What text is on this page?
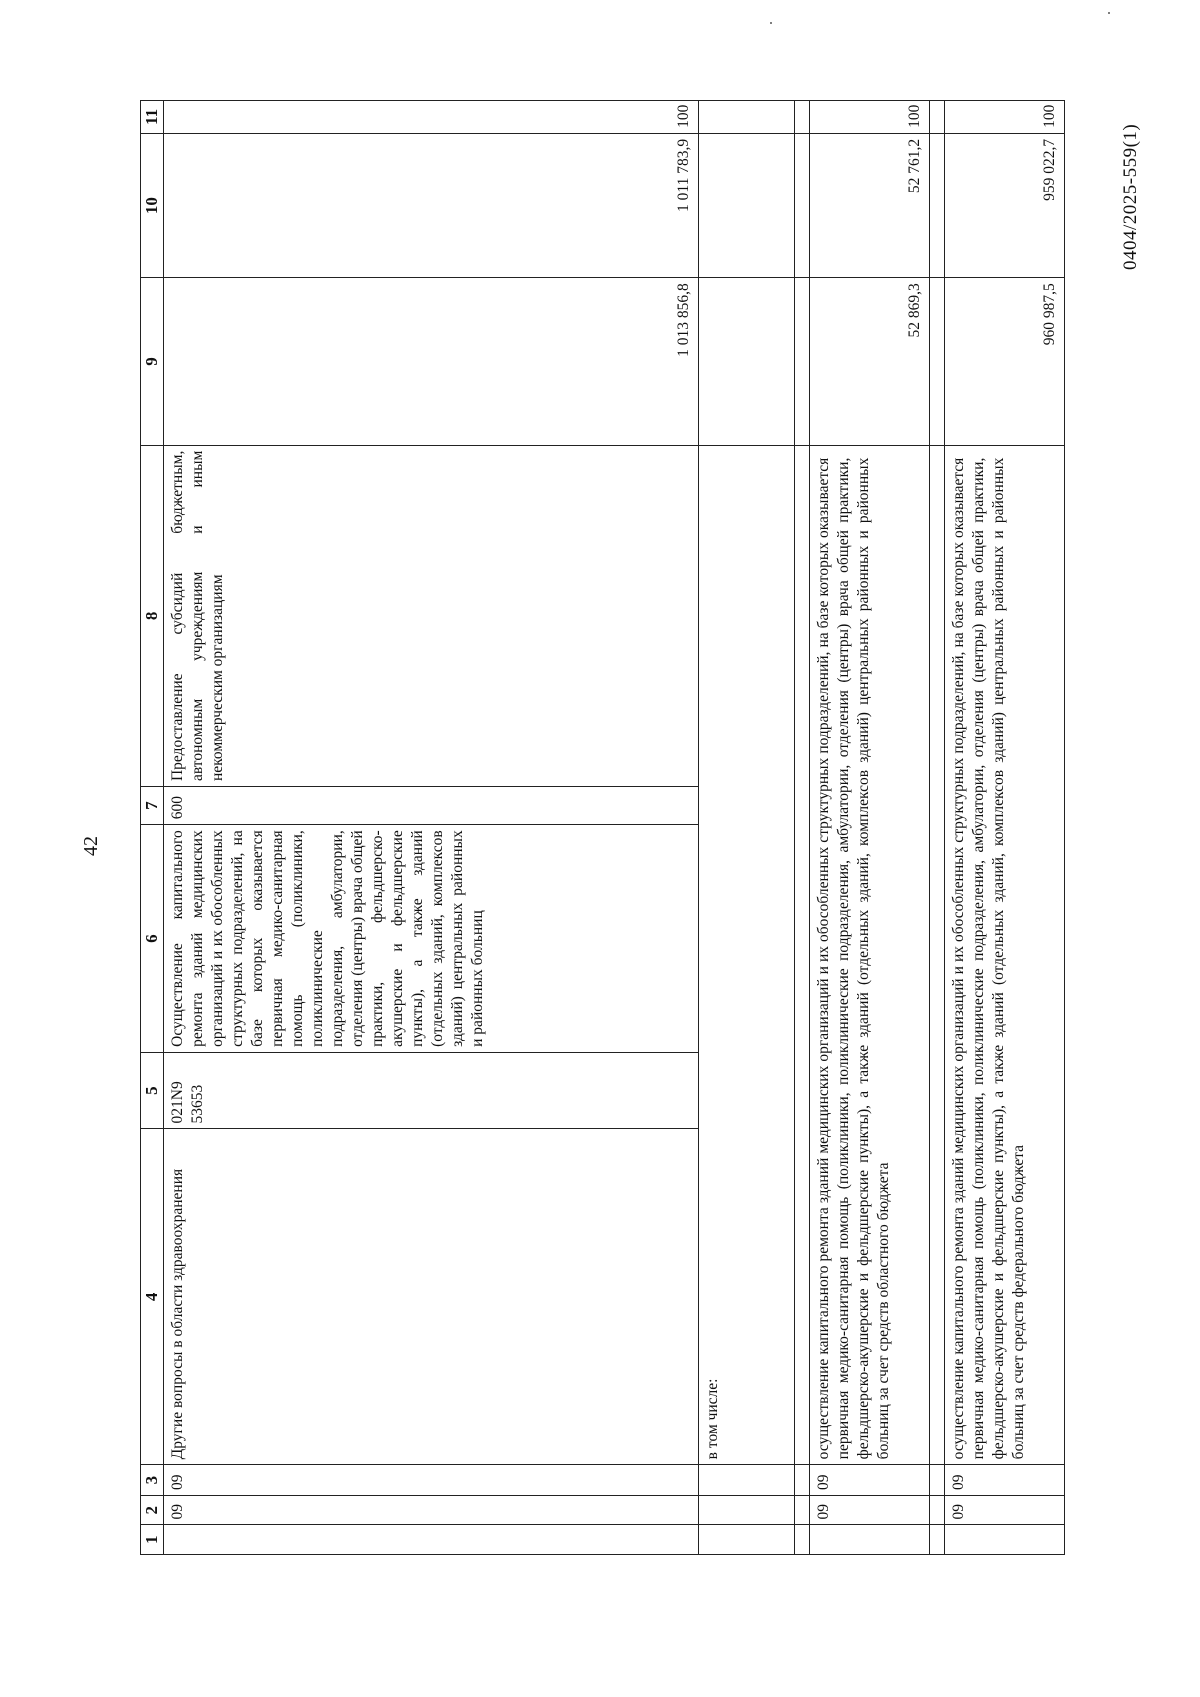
42
0404/2025-559(1)
1	2	3	4	5	6	7	8	9	10	11
	09	09	Другие вопросы в области здравоохранения	021N9 53653	Осуществление капитального ремонта зданий медицинских организаций и их обособленных структурных подразделений, на базе которых оказывается первичная медико-санитарная помощь (поликлиники, поликлинические подразделения, амбулатории, отделения (центры) врача общей практики, фельдшерско-акушерские и фельдшерские пункты), а также зданий (отдельных зданий, комплексов зданий) центральных районных и районных больниц	600	Предоставление субсидий бюджетным, автономным учреждениям и иным некоммерческим организациям	1 013 856,8	1 011 783,9	100
			в том числе:							

	09	09	осуществление капитального ремонта зданий медицинских организаций и их обособленных структурных подразделений, на базе которых оказывается первичная медико-санитарная помощь (поликлиники, поликлинические подразделения, амбулатории, отделения (центры) врача общей практики, фельдшерско-акушерские и фельдшерские пункты), а также зданий (отдельных зданий, комплексов зданий) центральных районных и районных больниц за счет средств областного бюджета					52 869,3	52 761,2	100

	09	09	осуществление капитального ремонта зданий медицинских организаций и их обособленных структурных подразделений, на базе которых оказывается первичная медико-санитарная помощь (поликлиники, поликлинические подразделения, амбулатории, отделения (центры) врача общей практики, фельдшерско-акушерские и фельдшерские пункты), а также зданий (отдельных зданий, комплексов зданий) центральных районных и районных больниц за счет средств федерального бюджета					960 987,5	959 022,7	100
